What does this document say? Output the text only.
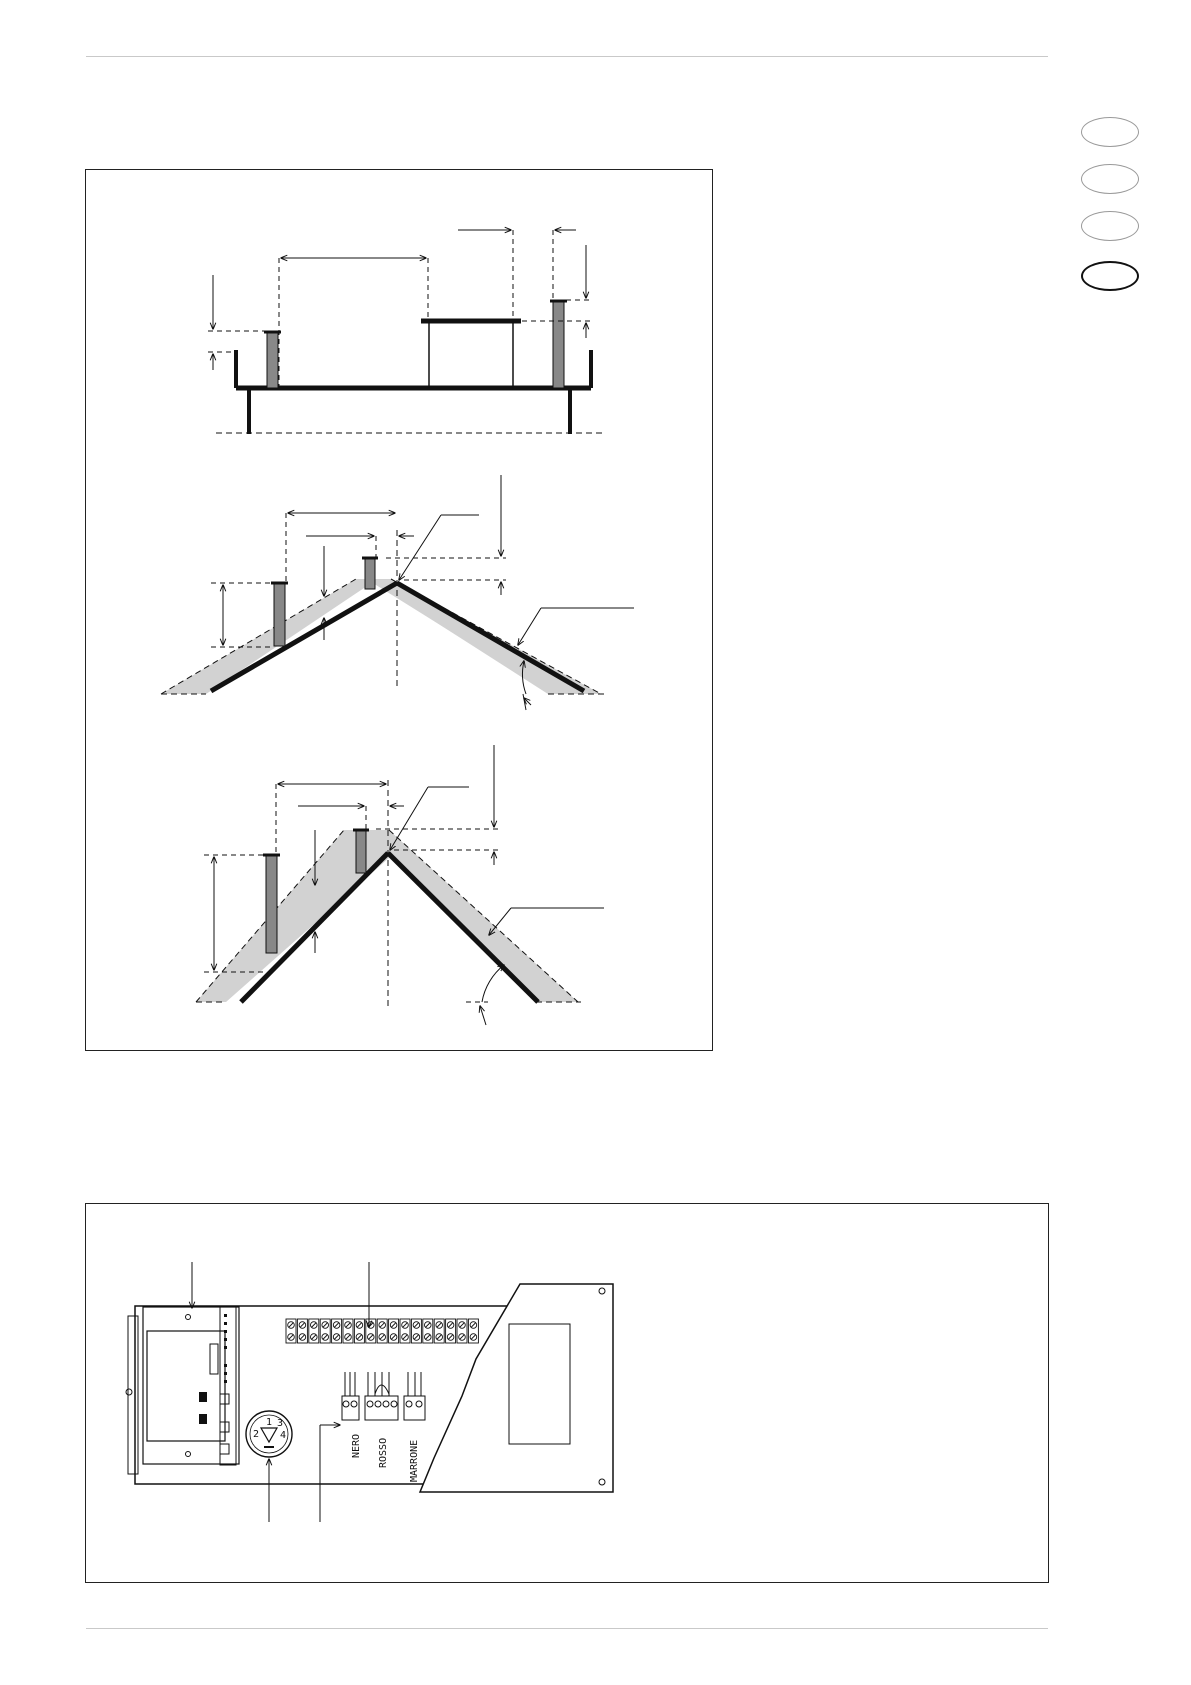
1
2
3
4	NERO ROSSO MARRONE
